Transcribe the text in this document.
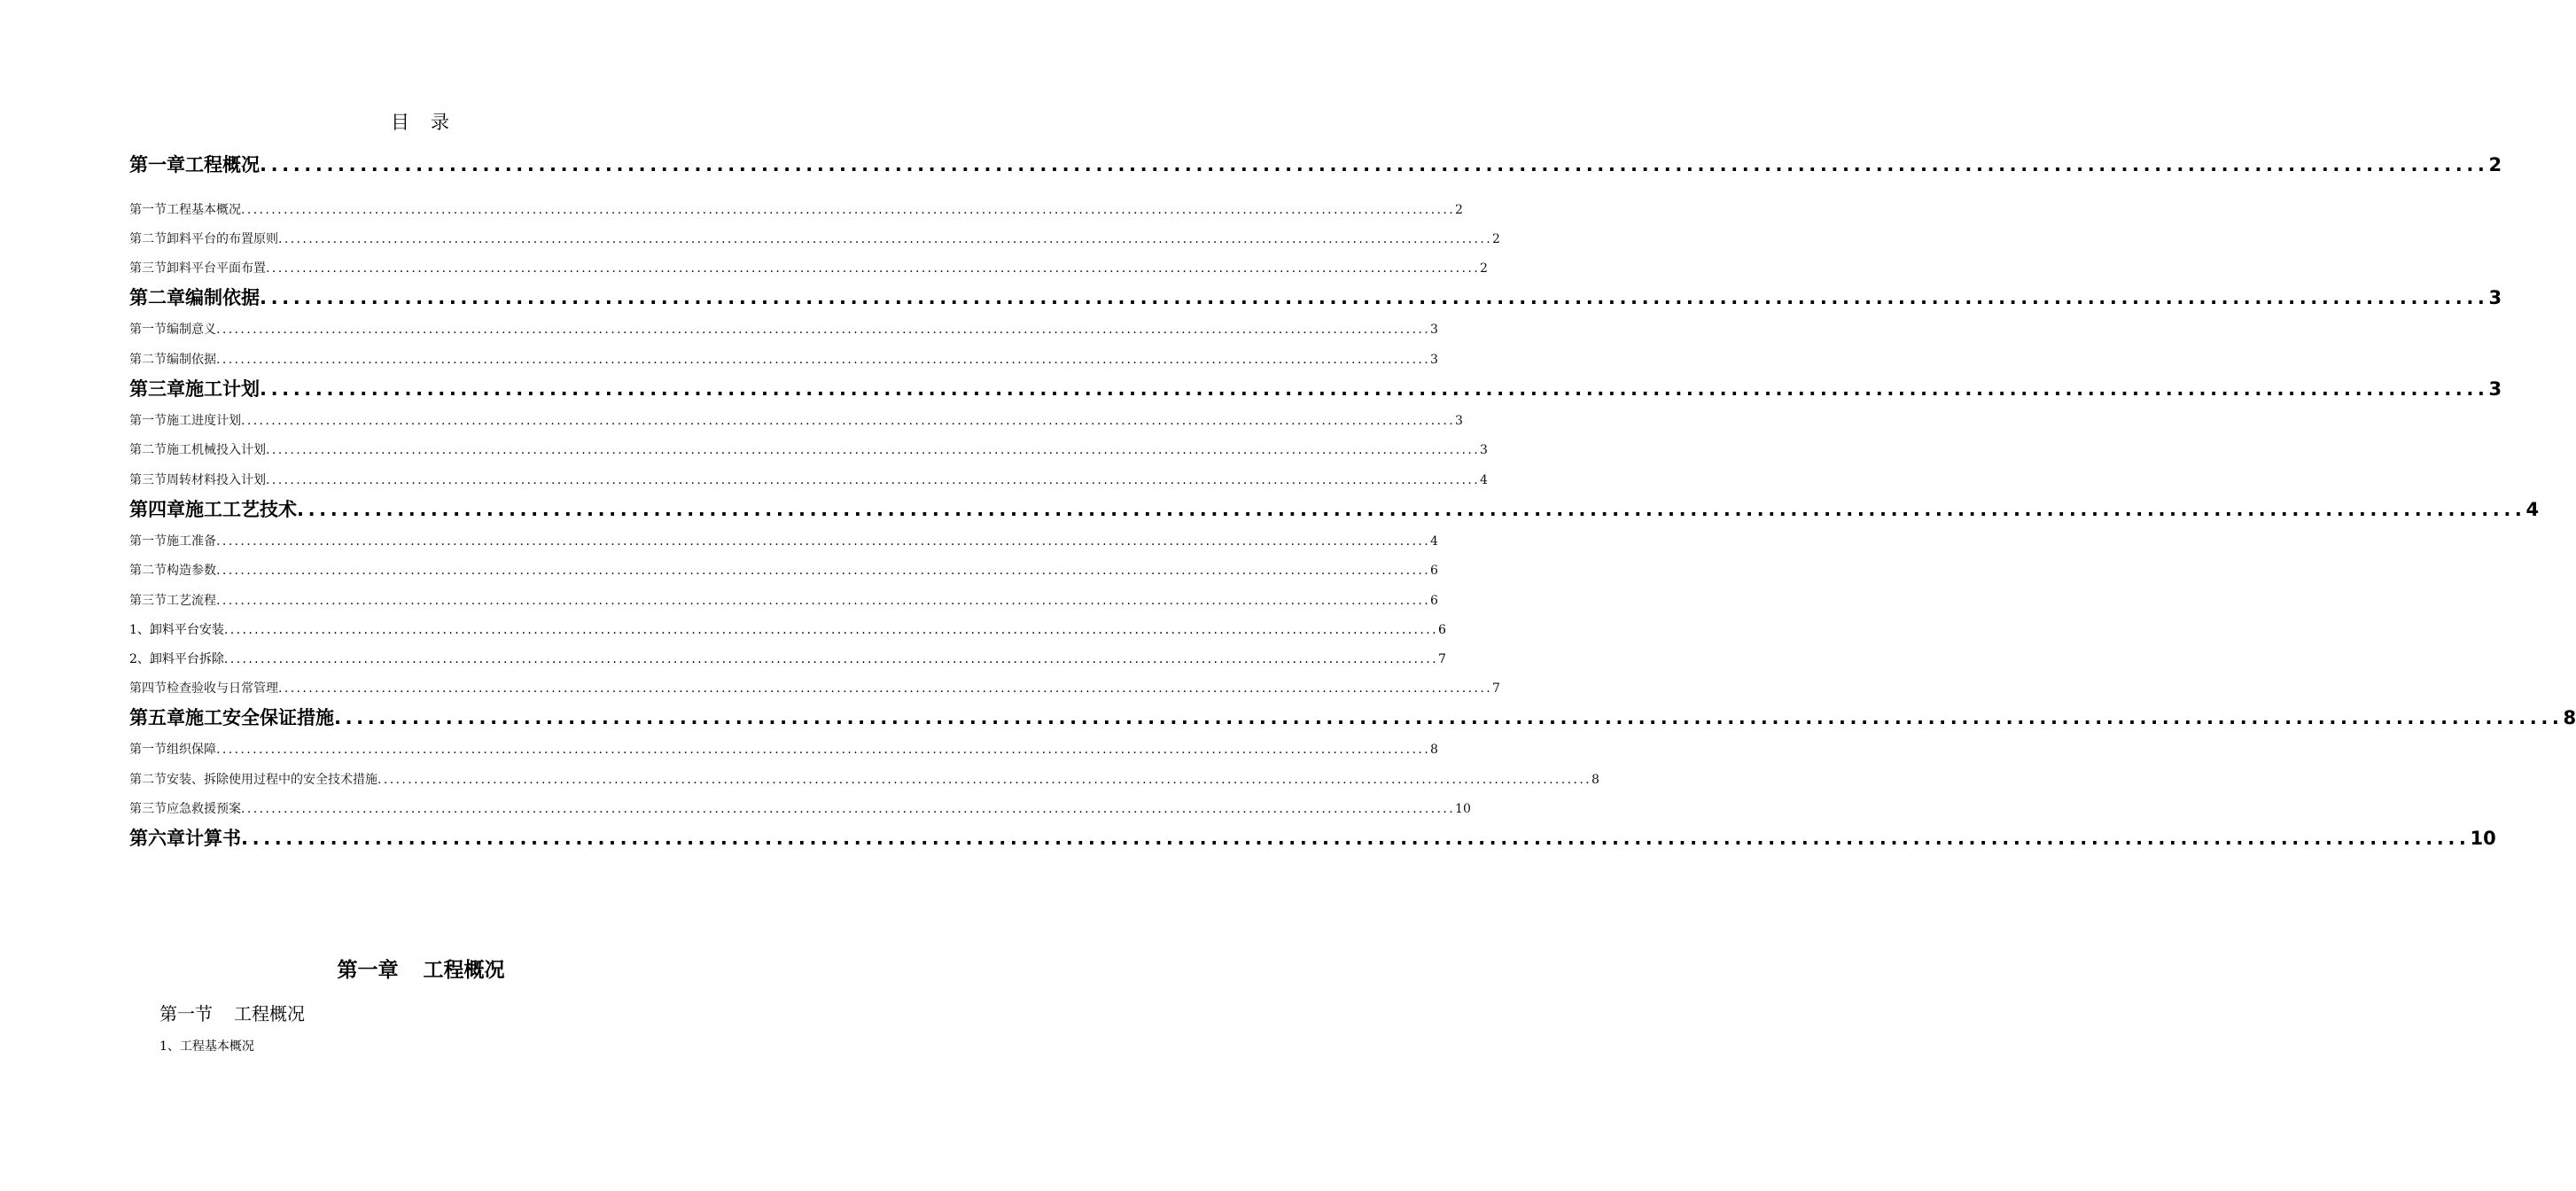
目 录
第一章 工程概况 ........................................................................................................................................................................................................ 2
第一节 工程基本概况 ........................................................................................................................................................................................................ 2
第二节 卸料平台的布置原则 ........................................................................................................................................................................................................ 2
第三节 卸料平台平面布置 ........................................................................................................................................................................................................ 2
第二章 编制依据 ........................................................................................................................................................................................................ 3
第一节 编制意义 ........................................................................................................................................................................................................ 3
第二节 编制依据 ........................................................................................................................................................................................................ 3
第三章 施工计划 ........................................................................................................................................................................................................ 3
第一节 施工进度计划 ........................................................................................................................................................................................................ 3
第二节 施工机械投入计划 ........................................................................................................................................................................................................ 3
第三节 周转材料投入计划 ........................................................................................................................................................................................................ 4
第四章 施工工艺技术 ........................................................................................................................................................................................................ 4
第一节 施工准备 ........................................................................................................................................................................................................ 4
第二节 构造参数 ........................................................................................................................................................................................................ 6
第三节 工艺流程 ........................................................................................................................................................................................................ 6
1、卸料平台安装 ........................................................................................................................................................................................................ 6
2、卸料平台拆除 ........................................................................................................................................................................................................ 7
第四节 检查验收与日常管理 ........................................................................................................................................................................................................ 7
第五章 施工安全保证措施 ........................................................................................................................................................................................................ 8
第一节 组织保障 ........................................................................................................................................................................................................ 8
第二节 安装、拆除使用过程中的安全技术措施 ........................................................................................................................................................................................................ 8
第三节 应急救援预案 ........................................................................................................................................................................................................ 10
第六章 计算书 ........................................................................................................................................................................................................ 10
第一章 工程概况
第一节 工程概况
1、工程基本概况
